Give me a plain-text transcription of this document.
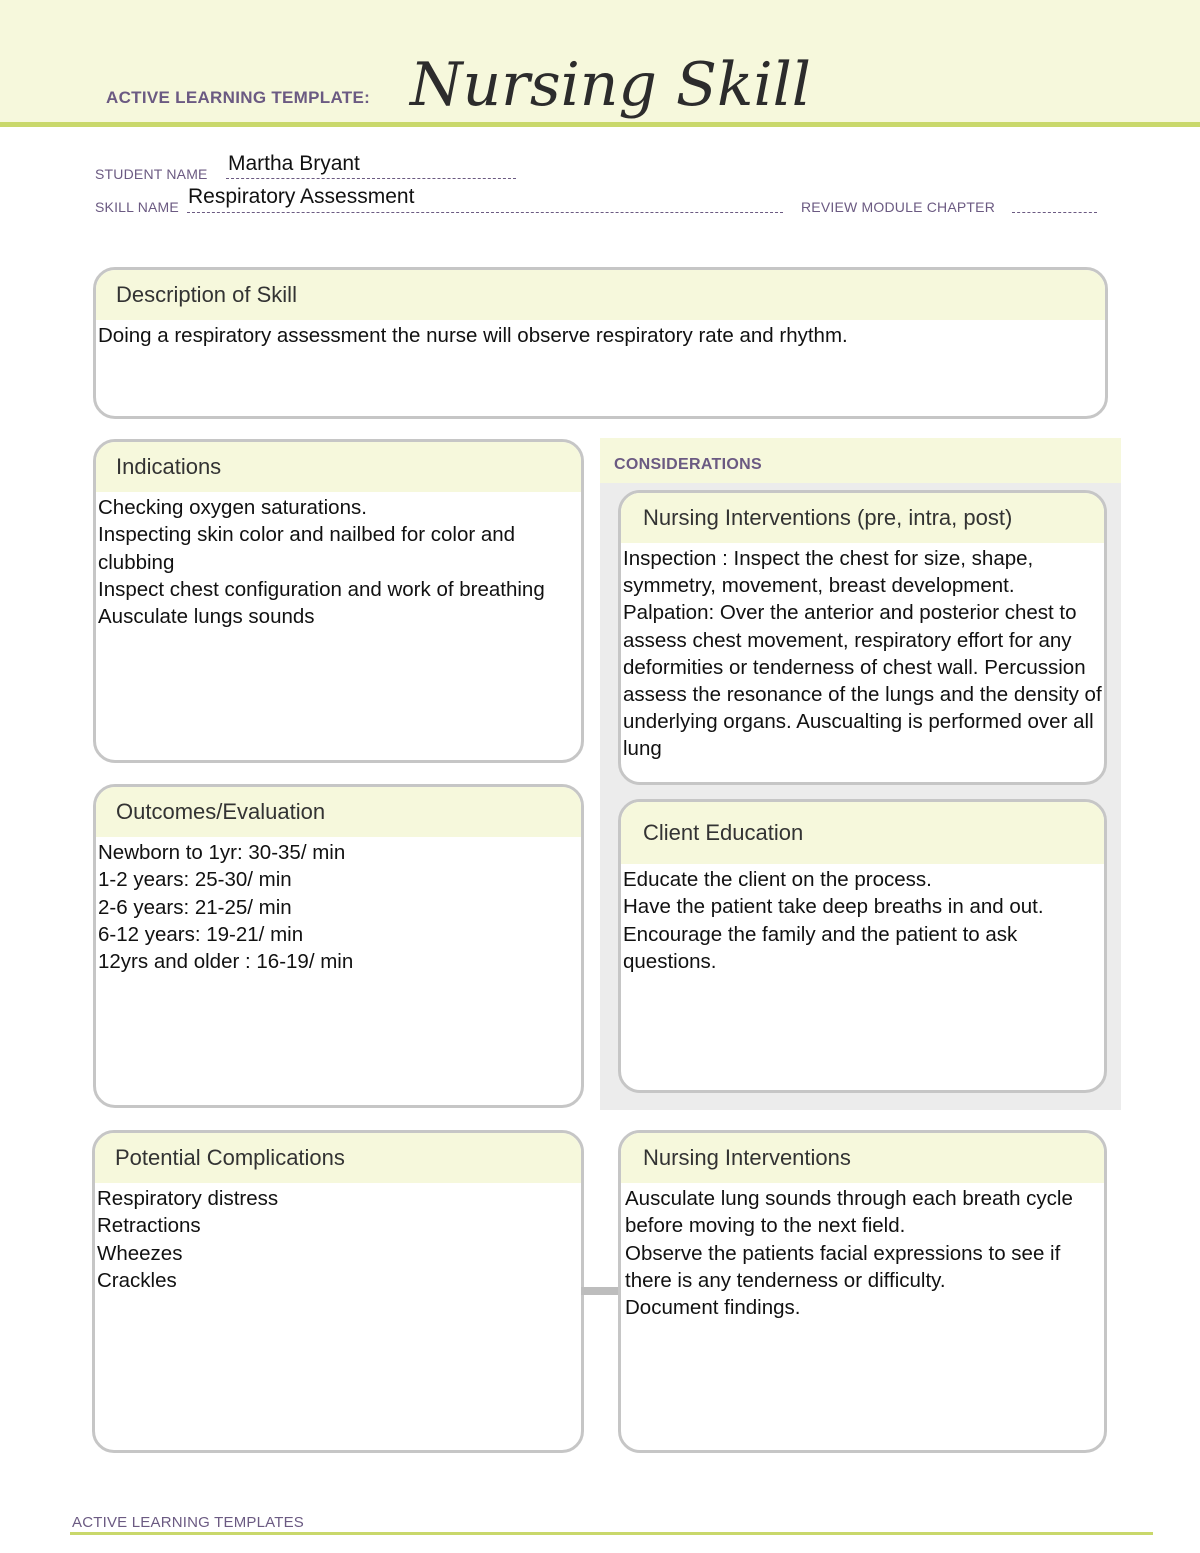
ACTIVE LEARNING TEMPLATE: Nursing Skill
STUDENT NAME Martha Bryant
SKILL NAME Respiratory Assessment	REVIEW MODULE CHAPTER
Description of Skill
Doing a respiratory assessment the nurse will observe respiratory rate and rhythm.
Indications
Checking oxygen saturations.
Inspecting skin color and nailbed for color and clubbing
Inspect chest configuration and work of breathing
Ausculate lungs sounds
CONSIDERATIONS
Nursing Interventions (pre, intra, post)
Inspection : Inspect the chest for size, shape, symmetry, movement, breast development. Palpation: Over the anterior and posterior chest to assess chest movement, respiratory effort for any deformities or tenderness of chest wall. Percussion assess the resonance of the lungs and the density of underlying organs. Auscualting is performed over all lung
Client Education
Educate the client on the process.
Have the patient take deep breaths in and out.
Encourage the family and the patient to ask questions.
Outcomes/Evaluation
Newborn to 1yr: 30-35/ min
1-2 years: 25-30/ min
2-6 years: 21-25/ min
6-12 years: 19-21/ min
12yrs and older : 16-19/ min
Potential Complications
Respiratory distress
Retractions
Wheezes
Crackles
Nursing Interventions
Ausculate lung sounds through each breath cycle before moving to the next field.
Observe the patients facial expressions to see if there is any tenderness or difficulty.
Document findings.
ACTIVE LEARNING TEMPLATES
